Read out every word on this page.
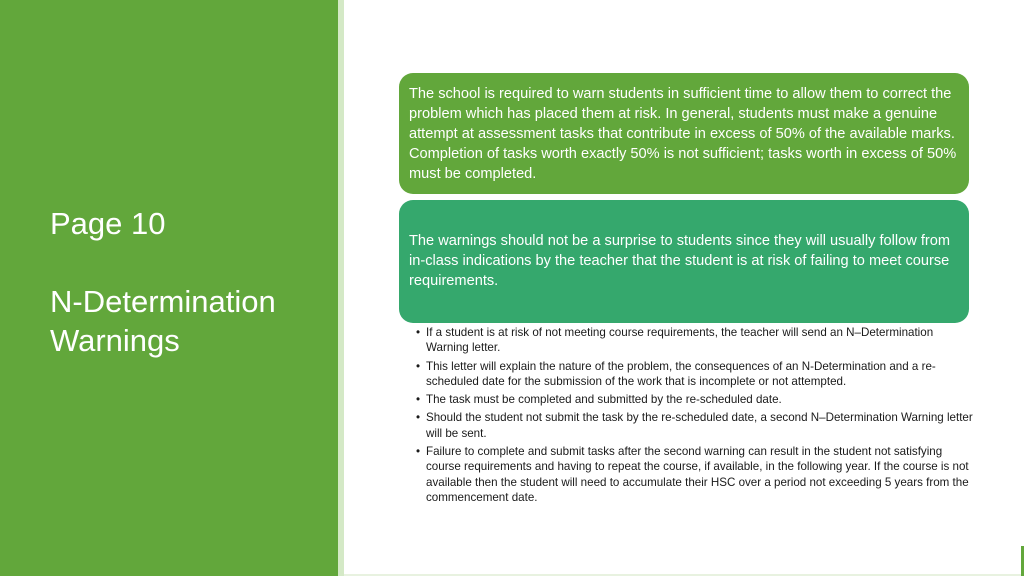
Page 10
N-Determination
Warnings
The school is required to warn students in sufficient time to allow them to correct the problem which has placed them at risk. In general, students must make a genuine attempt at assessment tasks that contribute in excess of 50% of the available marks. Completion of tasks worth exactly 50% is not sufficient; tasks worth in excess of 50% must be completed.
The warnings should not be a surprise to students since they will usually follow from in-class indications by the teacher that the student is at risk of failing to meet course requirements.
• If a student is at risk of not meeting course requirements, the teacher will send an N–Determination Warning letter.
• This letter will explain the nature of the problem, the consequences of an N-Determination and a re-scheduled date for the submission of the work that is incomplete or not attempted.
• The task must be completed and submitted by the re-scheduled date.
• Should the student not submit the task by the re-scheduled date, a second N–Determination Warning letter will be sent.
• Failure to complete and submit tasks after the second warning can result in the student not satisfying course requirements and having to repeat the course, if available, in the following year. If the course is not available then the student will need to accumulate their HSC over a period not exceeding 5 years from the commencement date.
